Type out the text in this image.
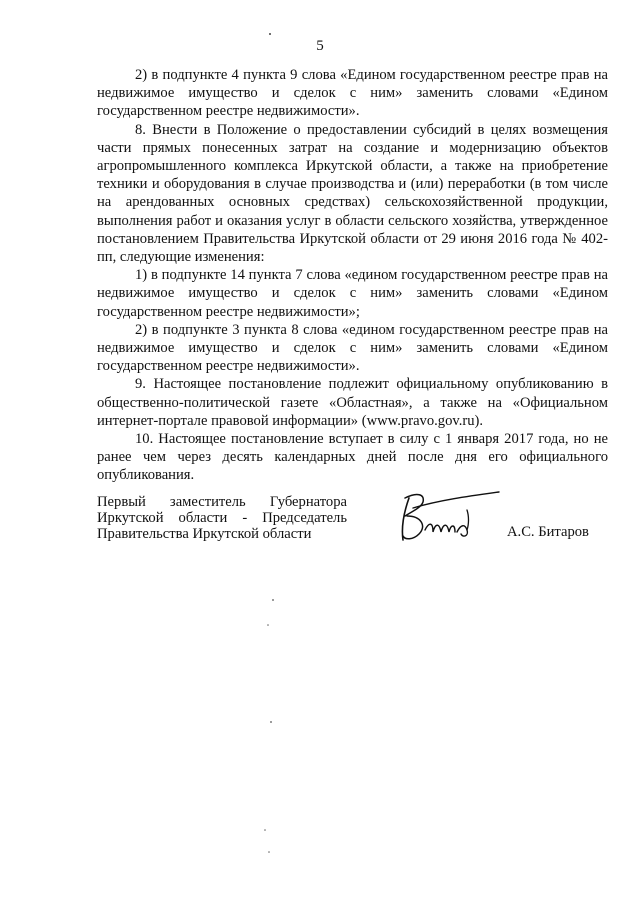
5

2) в подпункте 4 пункта 9 слова «Едином государственном реестре прав на недвижимое имущество и сделок с ним» заменить словами «Едином государственном реестре недвижимости».

8. Внести в Положение о предоставлении субсидий в целях возмещения части прямых понесенных затрат на создание и модернизацию объектов агропромышленного комплекса Иркутской области, а также на приобретение техники и оборудования в случае производства и (или) переработки (в том числе на арендованных основных средствах) сельскохозяйственной продукции, выполнения работ и оказания услуг в области сельского хозяйства, утвержденное постановлением Правительства Иркутской области от 29 июня 2016 года № 402-пп, следующие изменения:

1) в подпункте 14 пункта 7 слова «едином государственном реестре прав на недвижимое имущество и сделок с ним» заменить словами «Едином государственном реестре недвижимости»;

2) в подпункте 3 пункта 8 слова «едином государственном реестре прав на недвижимое имущество и сделок с ним» заменить словами «Едином государственном реестре недвижимости».

9. Настоящее постановление подлежит официальному опубликованию в общественно-политической газете «Областная», а также на «Официальном интернет-портале правовой информации» (www.pravo.gov.ru).

10. Настоящее постановление вступает в силу с 1 января 2017 года, но не ранее чем через десять календарных дней после дня его официального опубликования.

Первый заместитель Губернатора
Иркутской области - Председатель
Правительства Иркутской области	А.С. Битаров
